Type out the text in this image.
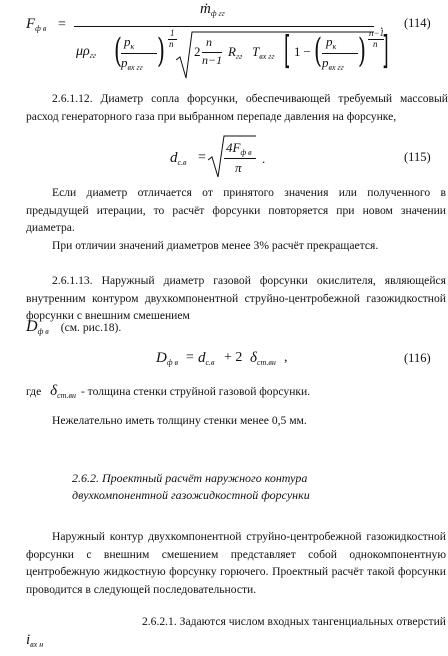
$F_{ф в}$ =
ṁ$_{ф гг}$
$\mu\rho_{гг}$ ( $p_к$
$p_{вх гг}$ ) 1
n 2
n
n−1
$R_{гг}$ $T_{вх гг}$ [ 1 − ( $p_к$
$p_{вх гг}$ ) n−1
n ]
. (114)
2.6.1.12. Диаметр сопла форсунки, обеспечивающей требуемый массовый расход генераторного газа при выбранном перепаде давления на форсунке,
$d_{с.в}$ =
$4F_{ф в}$
π
.	(115)
Если диаметр отличается от принятого значения или полученного в предыдущей итерации, то расчёт форсунки повторяется при новом значении диаметра.
При отличии значений диаметров менее 3% расчёт прекращается.
2.6.1.13. Наружный диаметр газовой форсунки окислителя, являющейся внутренним контуром двухкомпонентной струйно-центробежной газожидкостной форсунки с внешним смешением
$D_{ф в}$ (см. рис.18).
$D_{ф в} = d_{с.в} + 2$ $\delta_{ст.вн}$ ,	(116)
где $\delta_{ст.вн}$ - толщина стенки струйной газовой форсунки.
Нежелательно иметь толщину стенки менее 0,5 мм.
2.6.2. Проектный расчёт наружного контура двухкомпонентной газожидкостной форсунки
Наружный контур двухкомпонентной струйно-центробежной газожидкостной форсунки с внешним смешением представляет собой однокомпонентную центробежную жидкостную форсунку горючего. Проектный расчёт такой форсунки проводится в следующей последовательности.
2.6.2.1. Задаются числом входных тангенциальных отверстий
$i_{вх н}$
